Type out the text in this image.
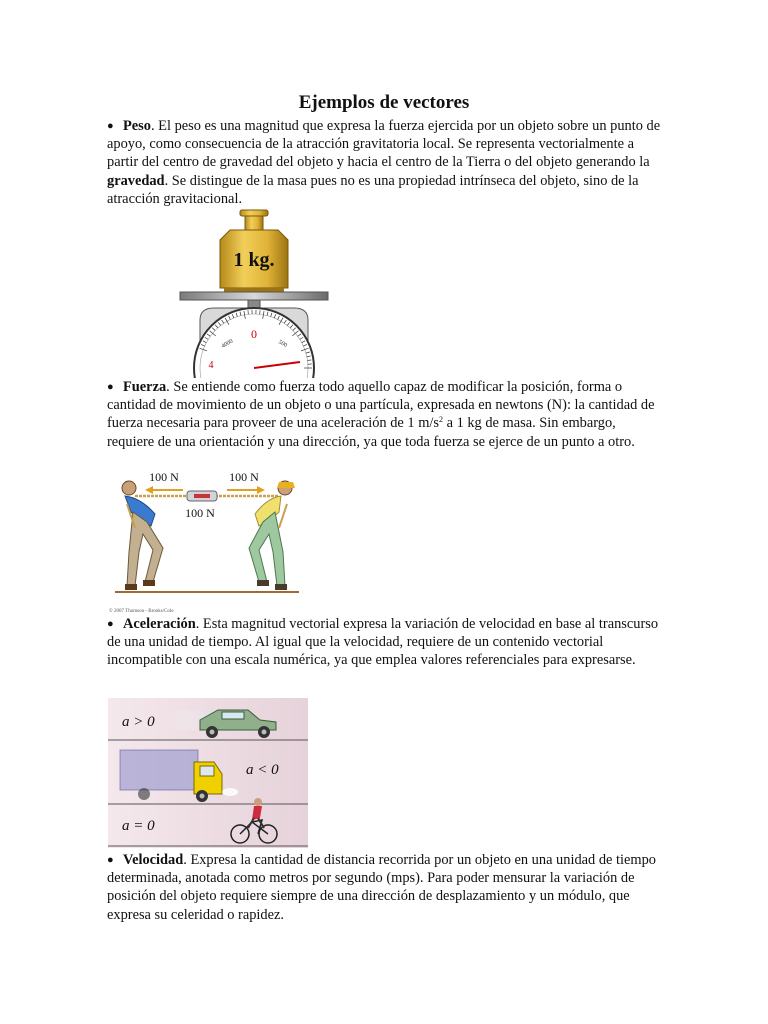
Ejemplos de vectores
● Peso. El peso es una magnitud que expresa la fuerza ejercida por un objeto sobre un punto de apoyo, como consecuencia de la atracción gravitatoria local. Se representa vectorialmente a partir del centro de gravedad del objeto y hacia el centro de la Tierra o del objeto generando la gravedad. Se distingue de la masa pues no es una propiedad intrínseca del objeto, sino de la atracción gravitacional.
1 kg.
0
4000	500
4
● Fuerza. Se entiende como fuerza todo aquello capaz de modificar la posición, forma o cantidad de movimiento de un objeto o una partícula, expresada en newtons (N): la cantidad de fuerza necesaria para proveer de una aceleración de 1 $m/s^2$ a 1 kg de masa. Sin embargo, requiere de una orientación y una dirección, ya que toda fuerza se ejerce de un punto a otro.
100 N	100 N
100 N
© 2007 Thomson - Brooks/Cole
● Aceleración. Esta magnitud vectorial expresa la variación de velocidad en base al transcurso de una unidad de tiempo. Al igual que la velocidad, requiere de un contenido vectorial incompatible con una escala numérica, ya que emplea valores referenciales para expresarse.
a > 0
a < 0
a = 0
● Velocidad. Expresa la cantidad de distancia recorrida por un objeto en una unidad de tiempo determinada, anotada como metros por segundo (mps). Para poder mensurar la variación de posición del objeto requiere siempre de una dirección de desplazamiento y un módulo, que expresa su celeridad o rapidez.
